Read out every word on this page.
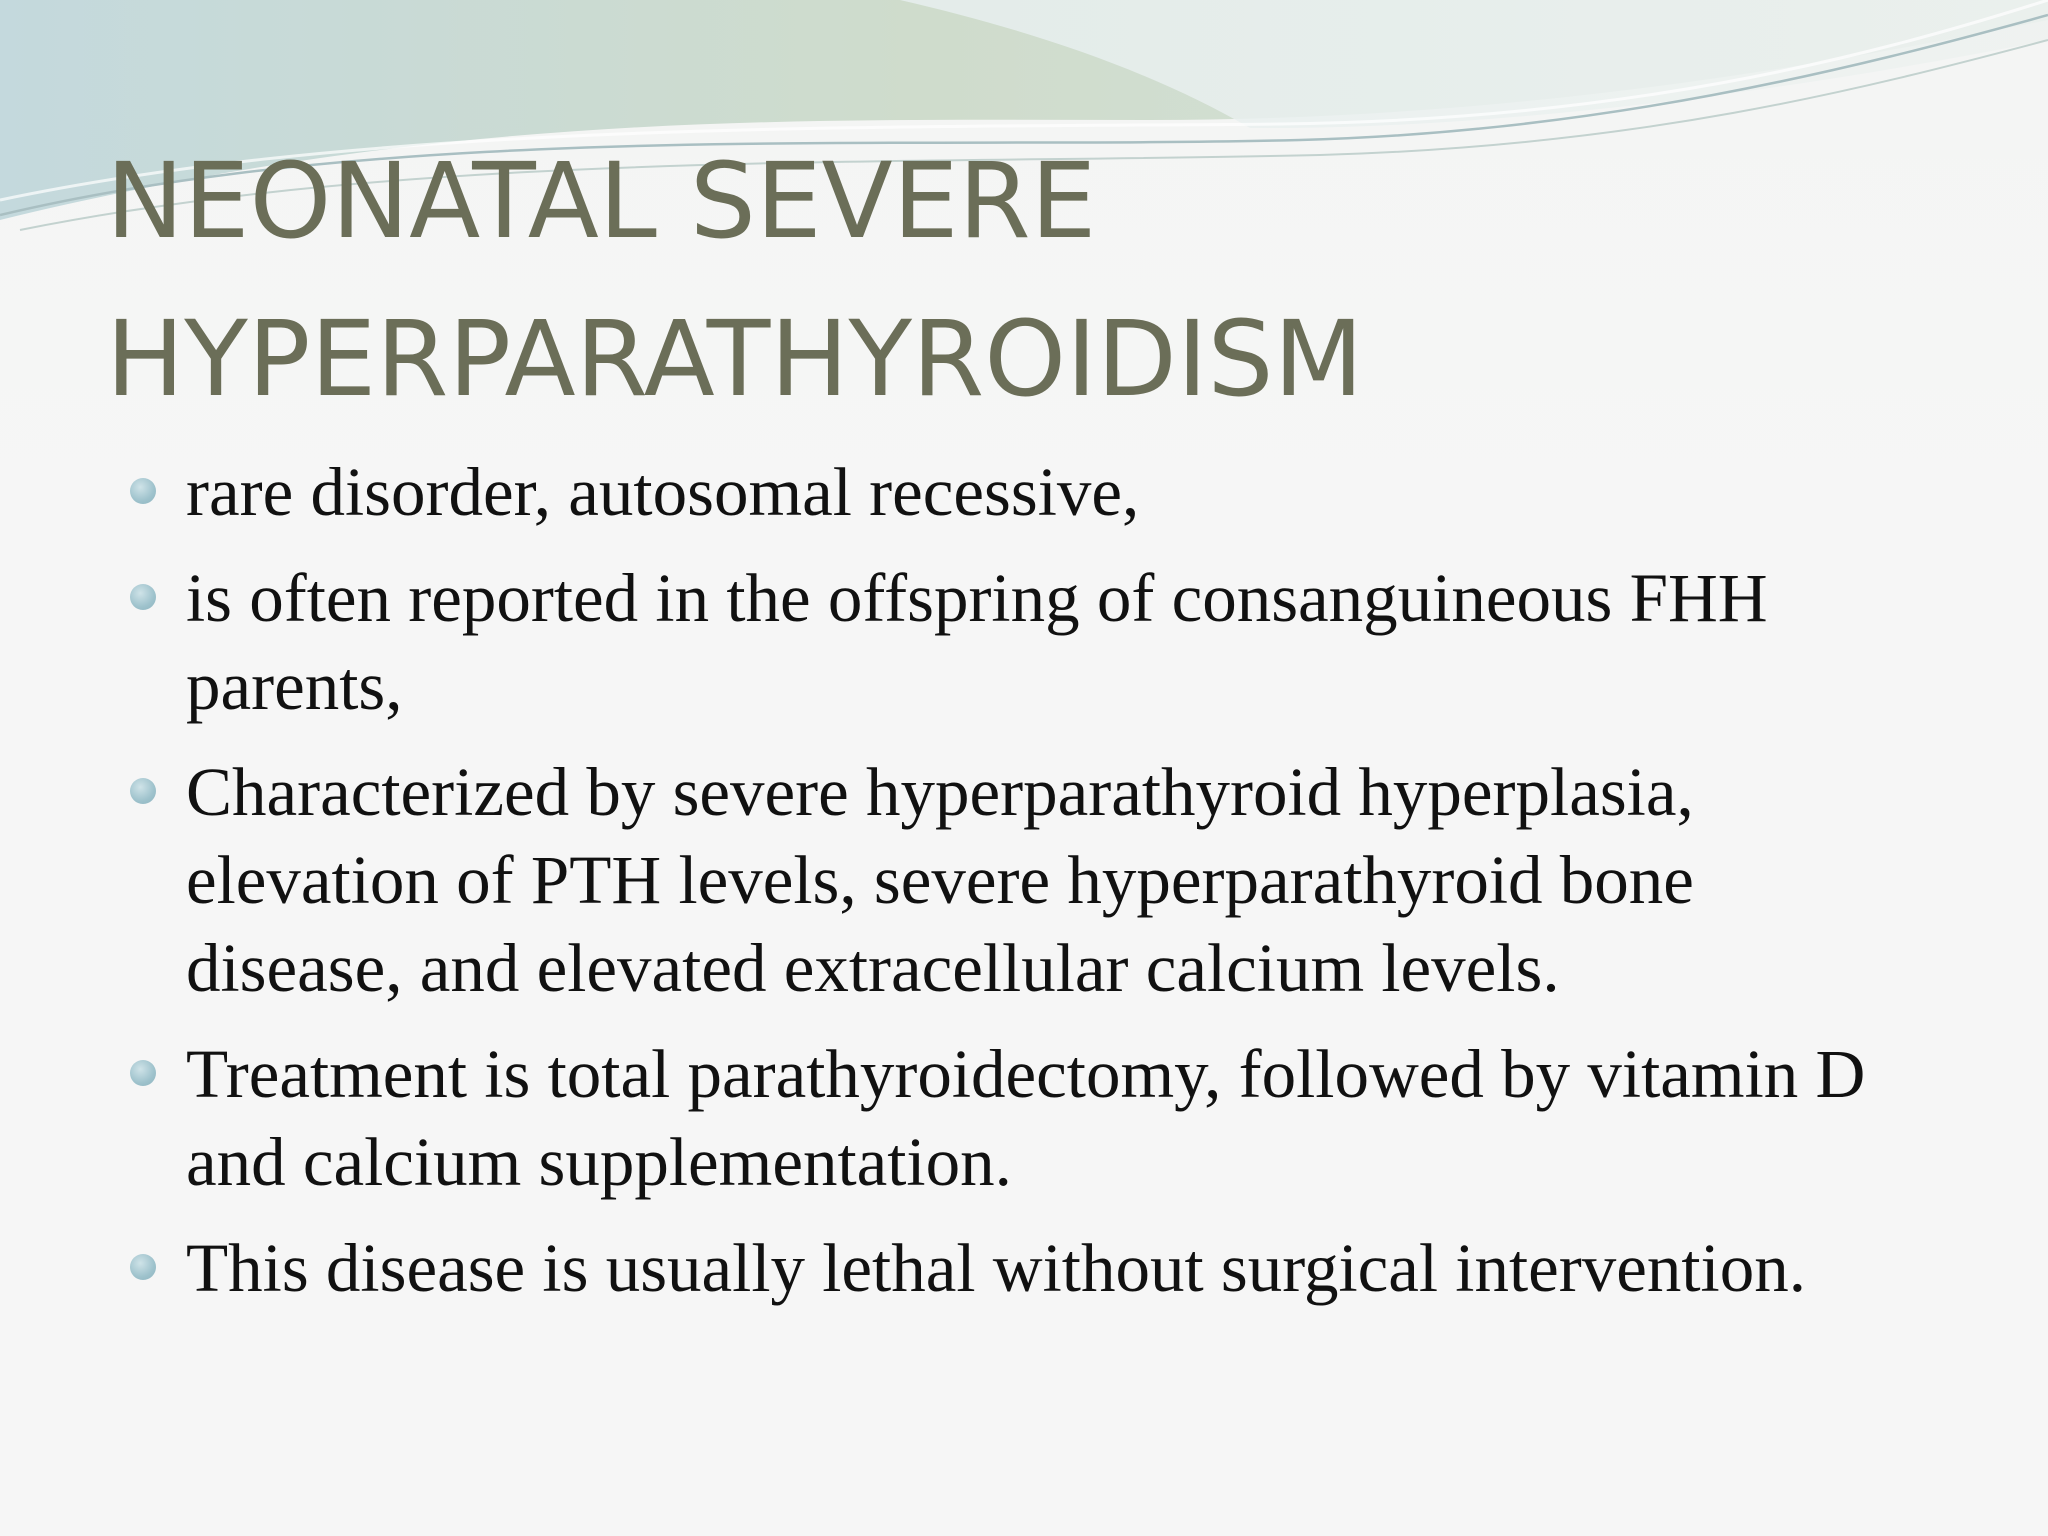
NEONATAL SEVERE
HYPERPARATHYROIDISM
rare disorder, autosomal recessive,
is often reported in the offspring of consanguineous FHH parents,
Characterized by severe hyperparathyroid hyperplasia, elevation of PTH levels, severe hyperparathyroid bone disease, and elevated extracellular calcium levels.
Treatment is total parathyroidectomy, followed by vitamin D and calcium supplementation.
This disease is usually lethal without surgical intervention.
